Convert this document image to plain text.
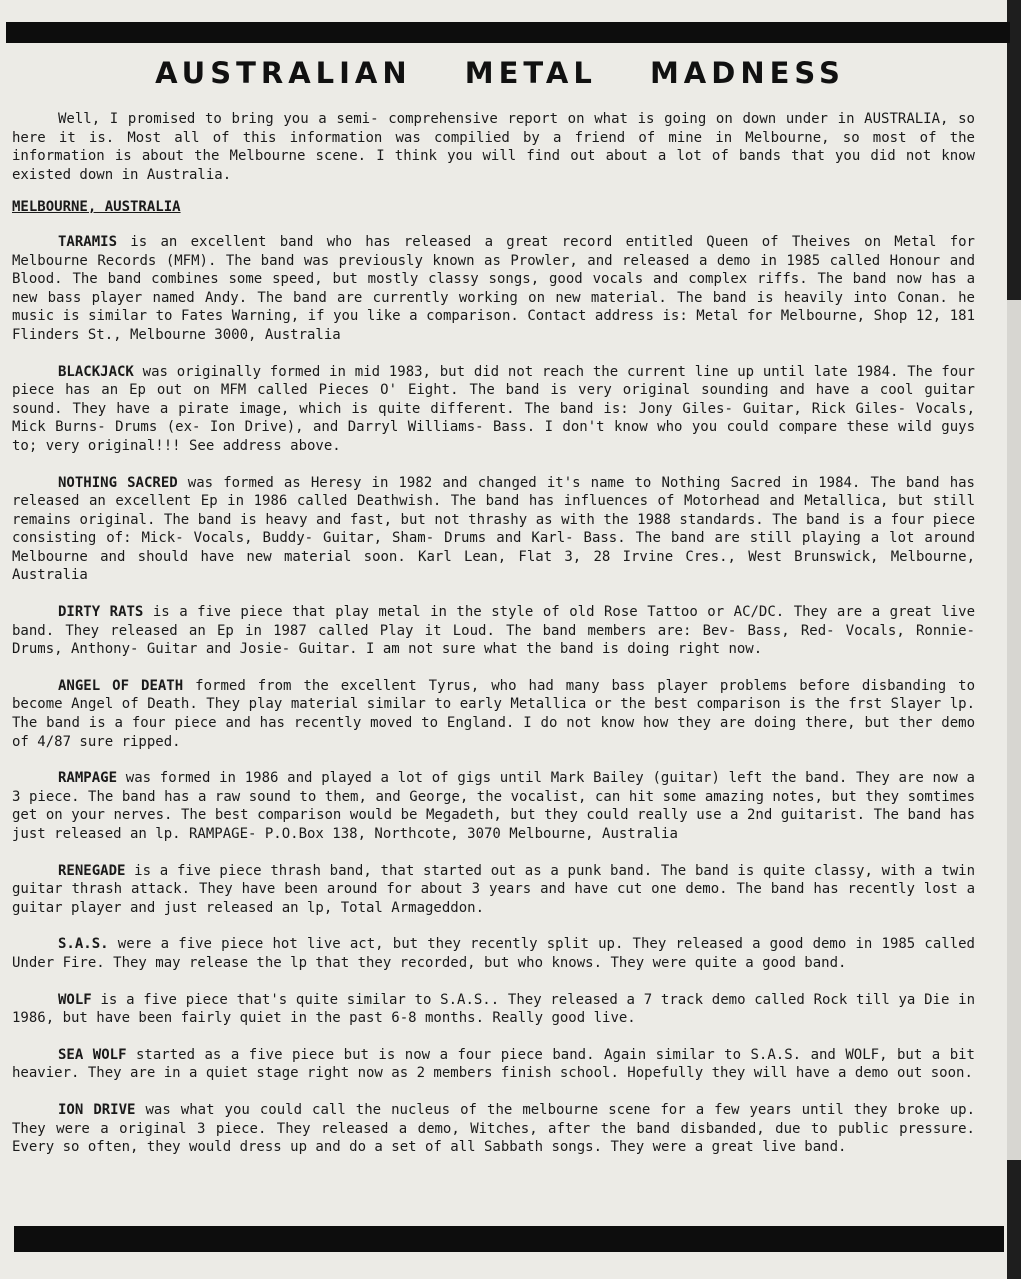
AUSTRALIAN METAL MADNESS

Well, I promised to bring you a semi- comprehensive report on what is going on down under in AUSTRALIA, so here it is. Most all of this information was compilied by a friend of mine in Melbourne, so most of the information is about the Melbourne scene. I think you will find out about a lot of bands that you did not know existed down in Australia.

MELBOURNE, AUSTRALIA

TARAMIS is an excellent band who has released a great record entitled Queen of Theives on Metal for Melbourne Records (MFM). The band was previously known as Prowler, and released a demo in 1985 called Honour and Blood. The band combines some speed, but mostly classy songs, good vocals and complex riffs. The band now has a new bass player named Andy. The band are currently working on new material. The band is heavily into Conan. he music is similar to Fates Warning, if you like a comparison. Contact address is: Metal for Melbourne, Shop 12, 181 Flinders St., Melbourne 3000, Australia

BLACKJACK was originally formed in mid 1983, but did not reach the current line up until late 1984. The four piece has an Ep out on MFM called Pieces O' Eight. The band is very original sounding and have a cool guitar sound. They have a pirate image, which is quite different. The band is: Jony Giles- Guitar, Rick Giles- Vocals, Mick Burns- Drums (ex- Ion Drive), and Darryl Williams- Bass. I don't know who you could compare these wild guys to; very original!!! See address above.

NOTHING SACRED was formed as Heresy in 1982 and changed it's name to Nothing Sacred in 1984. The band has released an excellent Ep in 1986 called Deathwish. The band has influences of Motorhead and Metallica, but still remains original. The band is heavy and fast, but not thrashy as with the 1988 standards. The band is a four piece consisting of: Mick- Vocals, Buddy- Guitar, Sham- Drums and Karl- Bass. The band are still playing a lot around Melbourne and should have new material soon. Karl Lean, Flat 3, 28 Irvine Cres., West Brunswick, Melbourne, Australia

DIRTY RATS is a five piece that play metal in the style of old Rose Tattoo or AC/DC. They are a great live band. They released an Ep in 1987 called Play it Loud. The band members are: Bev- Bass, Red- Vocals, Ronnie- Drums, Anthony- Guitar and Josie- Guitar. I am not sure what the band is doing right now.

ANGEL OF DEATH formed from the excellent Tyrus, who had many bass player problems before disbanding to become Angel of Death. They play material similar to early Metallica or the best comparison is the frst Slayer lp. The band is a four piece and has recently moved to England. I do not know how they are doing there, but ther demo of 4/87 sure ripped.

RAMPAGE was formed in 1986 and played a lot of gigs until Mark Bailey (guitar) left the band. They are now a 3 piece. The band has a raw sound to them, and George, the vocalist, can hit some amazing notes, but they somtimes get on your nerves. The best comparison would be Megadeth, but they could really use a 2nd guitarist. The band has just released an lp. RAMPAGE- P.O.Box 138, Northcote, 3070 Melbourne, Australia

RENEGADE is a five piece thrash band, that started out as a punk band. The band is quite classy, with a twin guitar thrash attack. They have been around for about 3 years and have cut one demo. The band has recently lost a guitar player and just released an lp, Total Armageddon.

S.A.S. were a five piece hot live act, but they recently split up. They released a good demo in 1985 called Under Fire. They may release the lp that they recorded, but who knows. They were quite a good band.

WOLF is a five piece that's quite similar to S.A.S.. They released a 7 track demo called Rock till ya Die in 1986, but have been fairly quiet in the past 6-8 months. Really good live.

SEA WOLF started as a five piece but is now a four piece band. Again similar to S.A.S. and WOLF, but a bit heavier. They are in a quiet stage right now as 2 members finish school. Hopefully they will have a demo out soon.

ION DRIVE was what you could call the nucleus of the melbourne scene for a few years until they broke up. They were a original 3 piece. They released a demo, Witches, after the band disbanded, due to public pressure. Every so often, they would dress up and do a set of all Sabbath songs. They were a great live band.
